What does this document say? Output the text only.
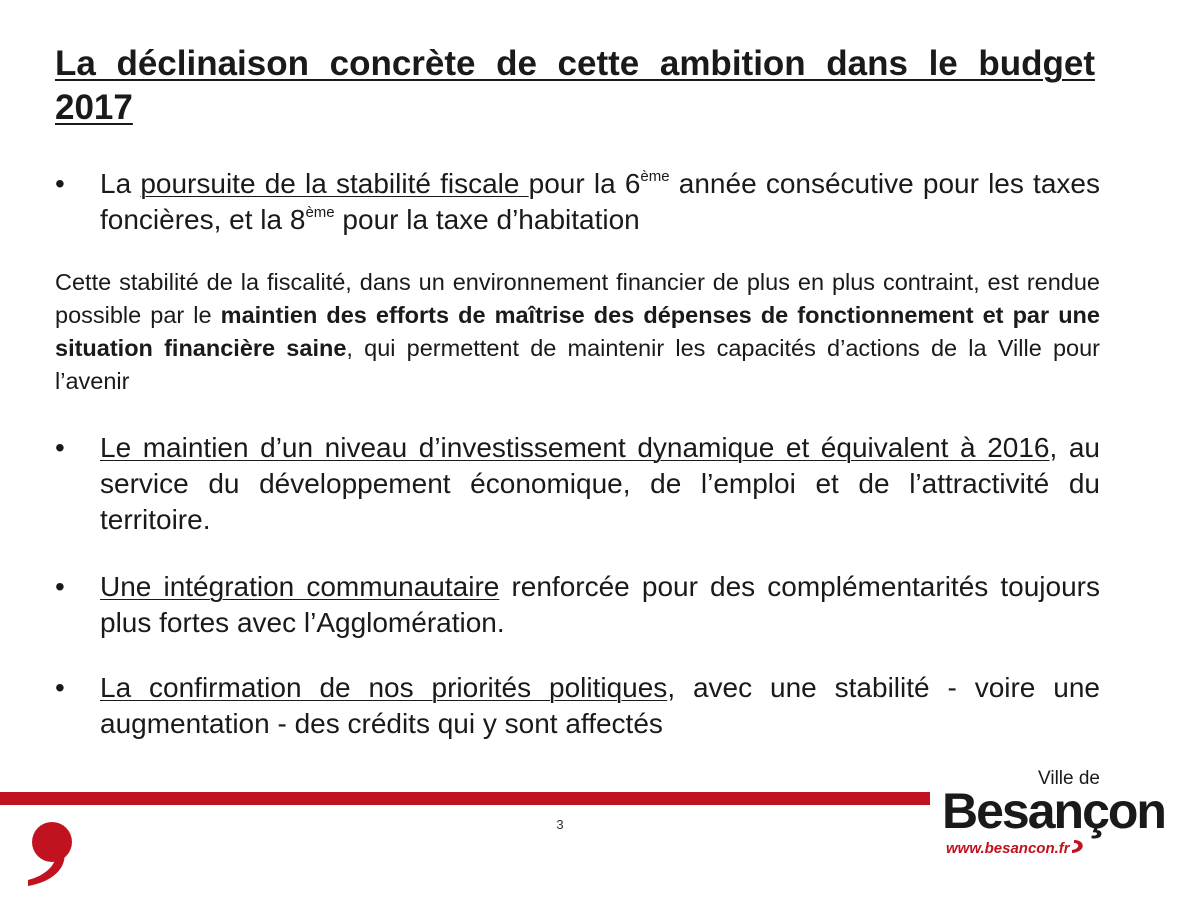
La déclinaison concrète de cette ambition dans le budget 2017
•	La poursuite de la stabilité fiscale pour la 6ème année consécutive pour les taxes foncières, et la 8ème pour la taxe d’habitation
Cette stabilité de la fiscalité, dans un environnement financier de plus en plus contraint, est rendue possible par le maintien des efforts de maîtrise des dépenses de fonctionnement et par une situation financière saine, qui permettent de maintenir les capacités d’actions de la Ville pour l’avenir
•	Le maintien d’un niveau d’investissement dynamique et équivalent à 2016, au service du développement économique, de l’emploi et de l’attractivité du territoire.
•	Une intégration communautaire renforcée pour des complémentarités toujours plus fortes avec l’Agglomération.
•	La confirmation de nos priorités politiques, avec une stabilité - voire une augmentation - des crédits qui y sont affectés
3
Ville de
Besançon
www.besancon.fr
